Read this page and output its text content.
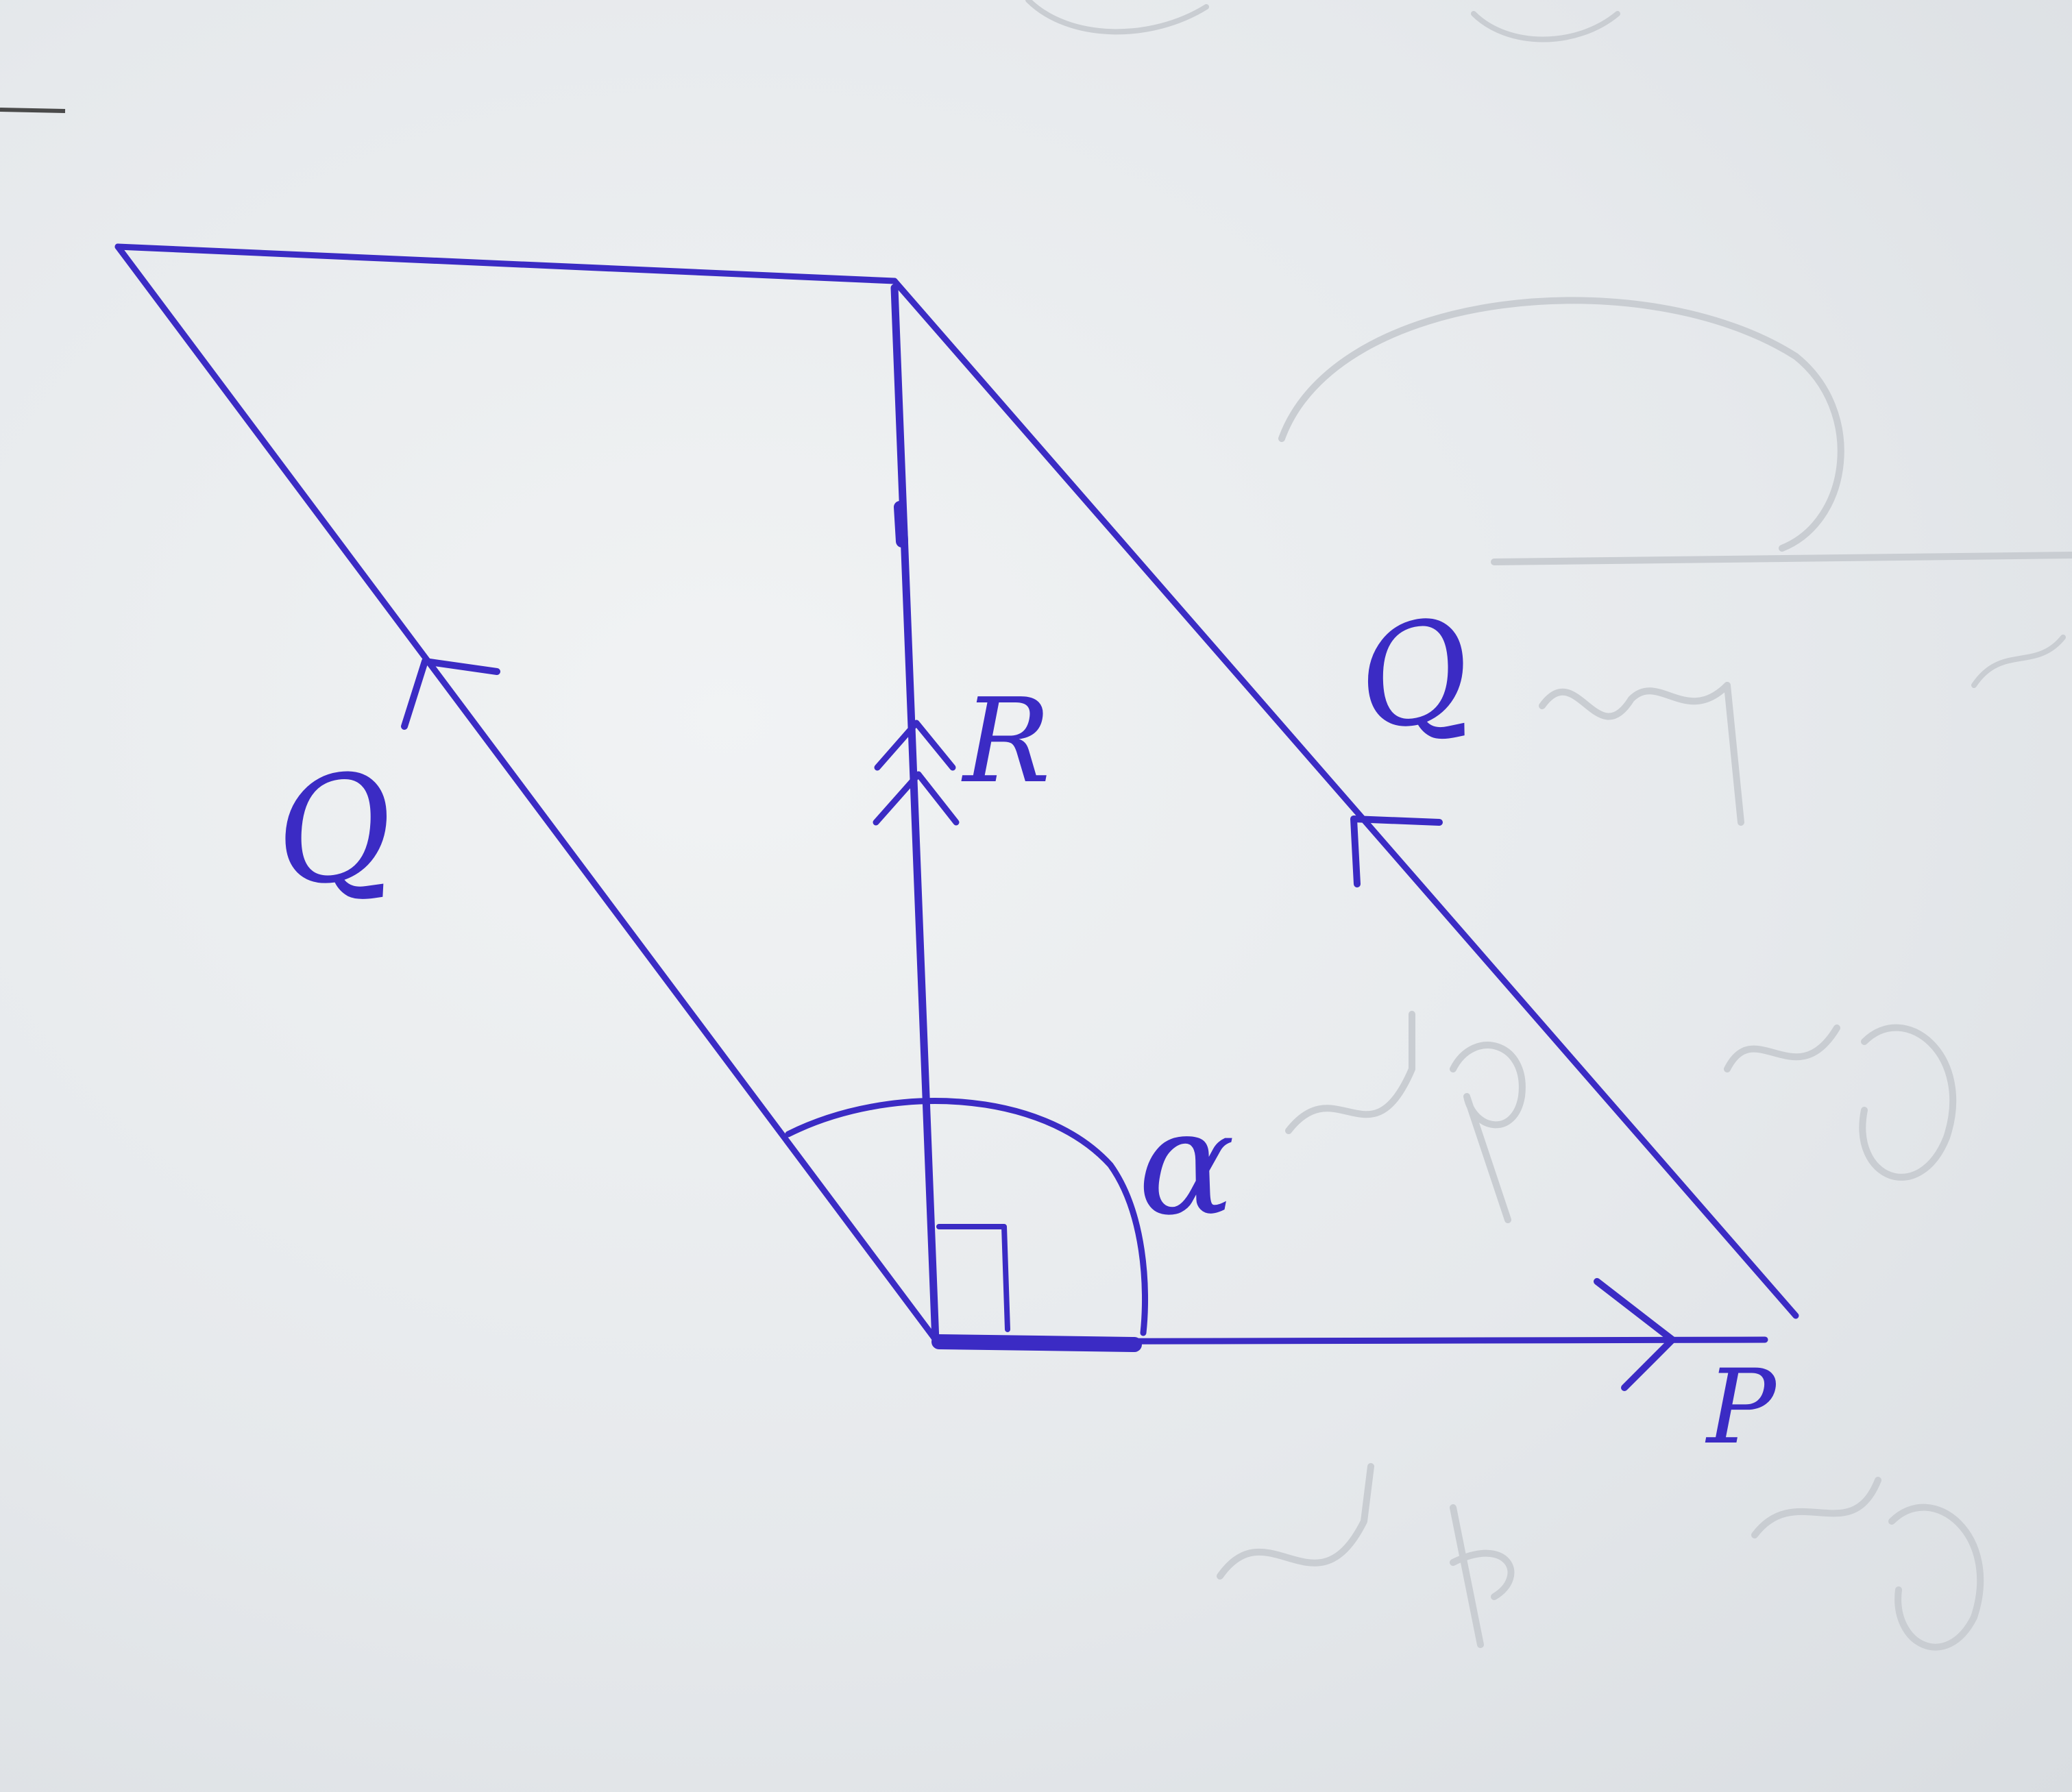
Q
Q
R
α
P
